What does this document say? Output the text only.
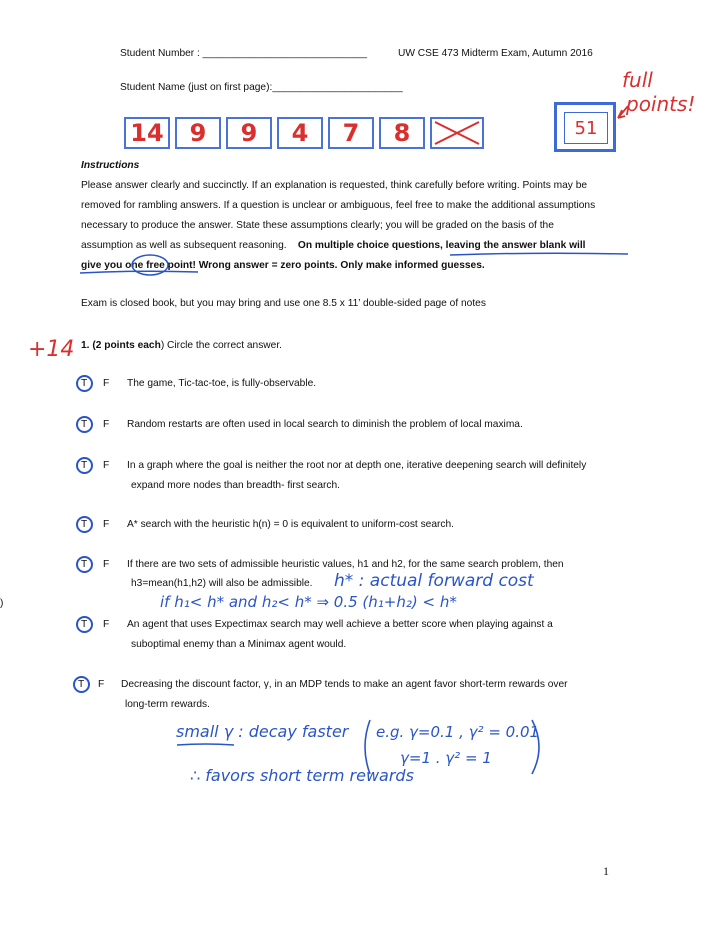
Student Number : _____________________________	UW CSE 473 Midterm Exam, Autumn 2016
Student Name (just on first page):_______________________
14	9	9	4	7	8	51
full
points!
Instructions
Please answer clearly and succinctly. If an explanation is requested, think carefully before writing. Points may be
removed for rambling answers. If a question is unclear or ambiguous, feel free to make the additional assumptions
necessary to produce the answer. State these assumptions clearly; you will be graded on the basis of the
assumption as well as subsequent reasoning. On multiple choice questions, leaving the answer blank will
give you one free point! Wrong answer = zero points. Only make informed guesses.
Exam is closed book, but you may bring and use one 8.5 x 11’ double-sided page of notes
+14 1. (2 points each) Circle the correct answer.
T F The game, Tic-tac-toe, is fully-observable.
T F Random restarts are often used in local search to diminish the problem of local maxima.
T F In a graph where the goal is neither the root nor at depth one, iterative deepening search will definitely
expand more nodes than breadth- first search.
T F A* search with the heuristic h(n) = 0 is equivalent to uniform-cost search.
T F If there are two sets of admissible heuristic values, h1 and h2, for the same search problem, then
h3=mean(h1,h2) will also be admissible. h* : actual forward cost
if h₁< h* and h₂< h* ⇒ 0.5 (h₁+h₂) < h*
)
T F An agent that uses Expectimax search may well achieve a better score when playing against a
suboptimal enemy than a Minimax agent would.
T F Decreasing the discount factor, γ, in an MDP tends to make an agent favor short-term rewards over
long-term rewards.
small γ : decay faster e.g. γ=0.1 , γ² = 0.01
γ=1 . γ² = 1
∴ favors short term rewards
1
